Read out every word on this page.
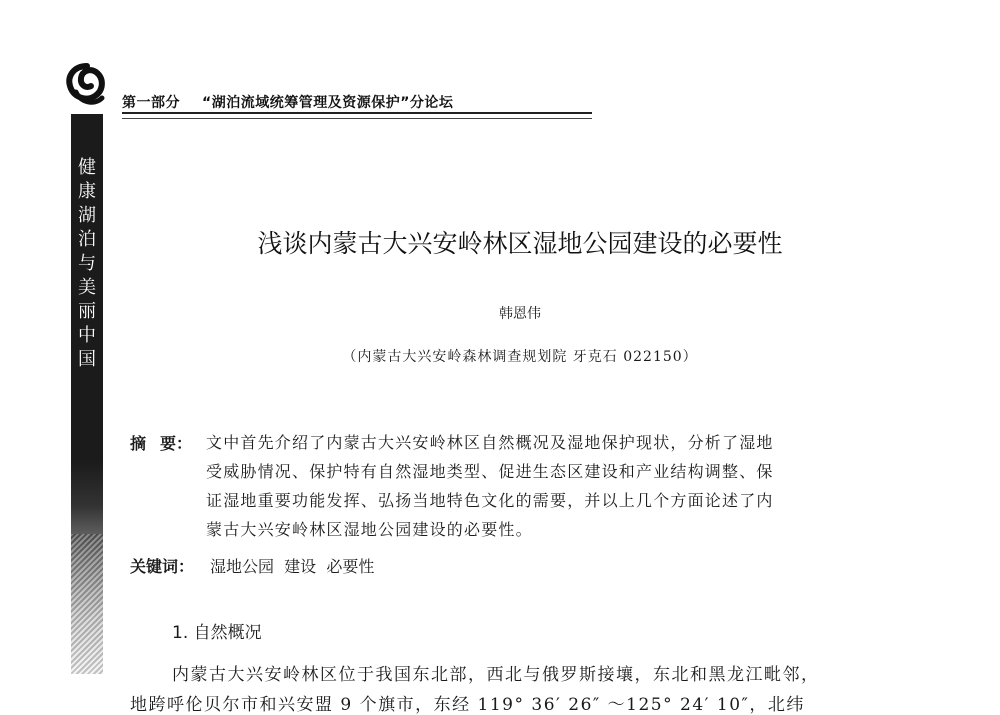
第一部分 “湖泊流域统筹管理及资源保护”分论坛
健
康
湖
泊
与
美
丽
中
国
浅谈内蒙古大兴安岭林区湿地公园建设的必要性
韩恩伟
（内蒙古大兴安岭森林调查规划院 牙克石 022150）
摘 要： 文中首先介绍了内蒙古大兴安岭林区自然概况及湿地保护现状，分析了湿地
受威胁情况、保护特有自然湿地类型、促进生态区建设和产业结构调整、保
证湿地重要功能发挥、弘扬当地特色文化的需要，并以上几个方面论述了内
蒙古大兴安岭林区湿地公园建设的必要性。

关键词： 湿地公园  建设  必要性
1. 自然概况
内蒙古大兴安岭林区位于我国东北部，西北与俄罗斯接壤，东北和黑龙江毗邻，
地跨呼伦贝尔市和兴安盟 9 个旗市，东经 119° 36′ 26″ ～125° 24′ 10″，北纬
